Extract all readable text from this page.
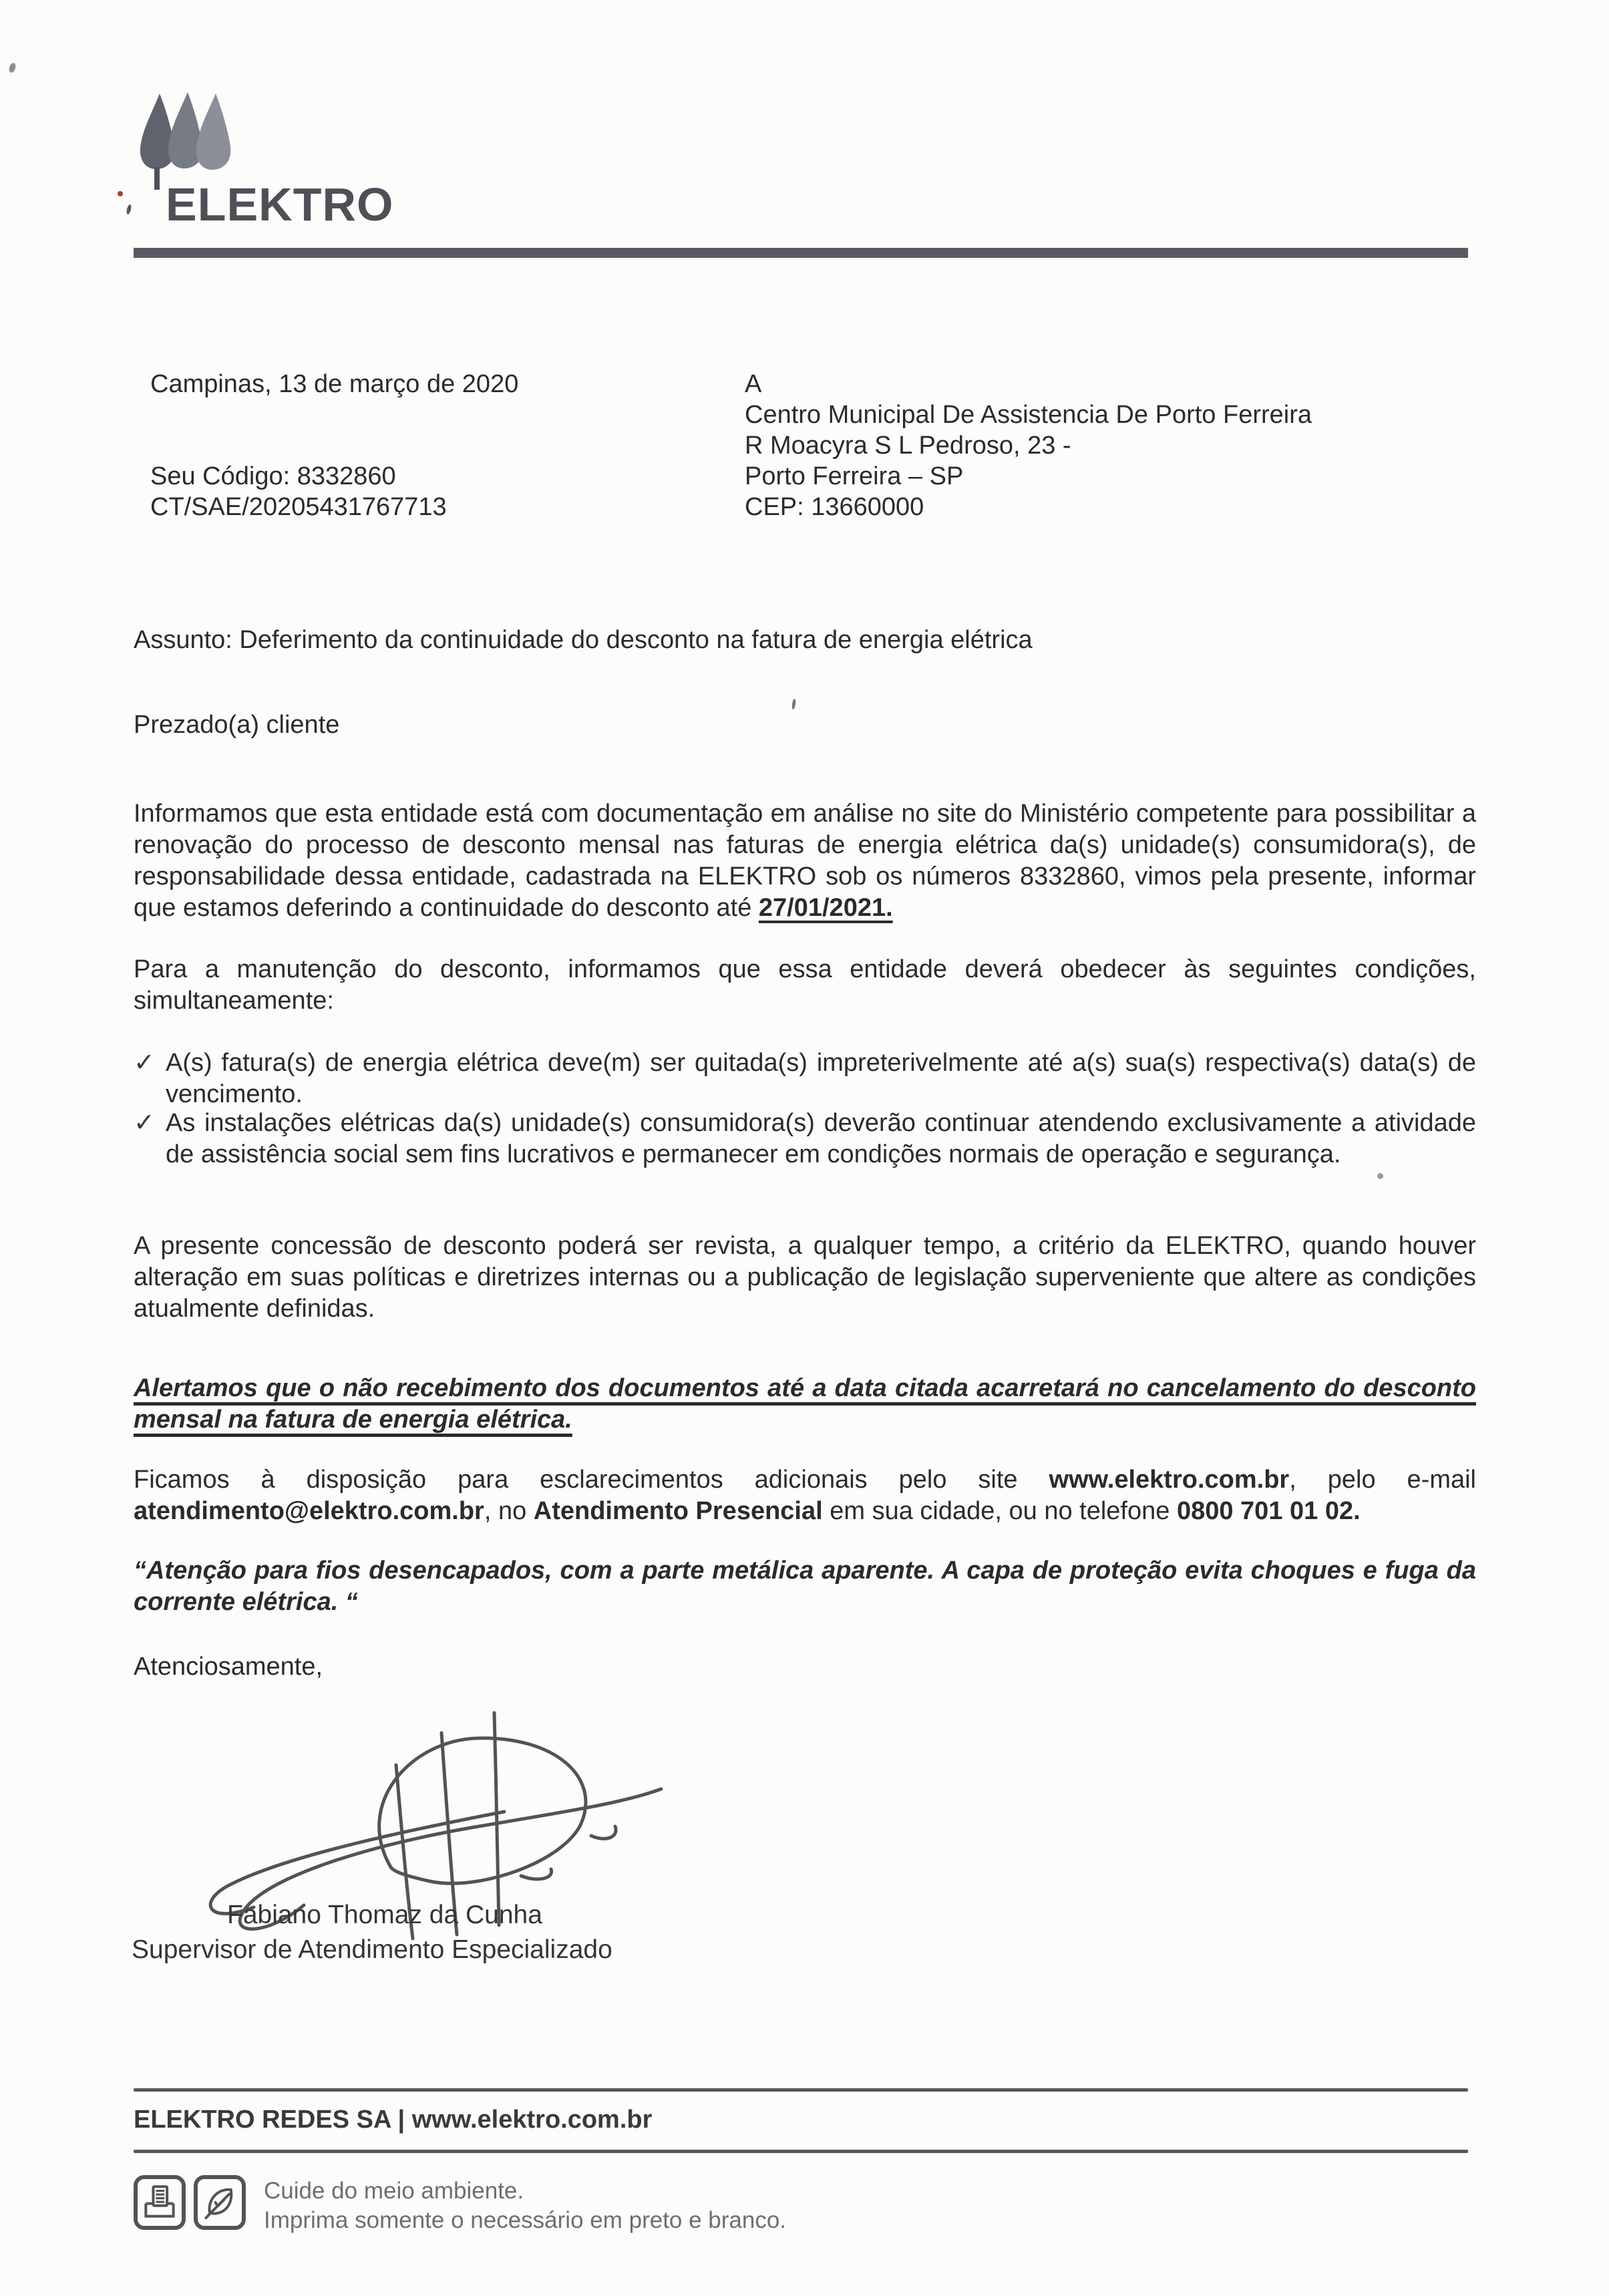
ELEKTRO
Campinas, 13 de março de 2020
Seu Código: 8332860
CT/SAE/20205431767713
A
Centro Municipal De Assistencia De Porto Ferreira
R Moacyra S L Pedroso, 23 -
Porto Ferreira – SP
CEP: 13660000
Assunto: Deferimento da continuidade do desconto na fatura de energia elétrica
Prezado(a) cliente
Informamos que esta entidade está com documentação em análise no site do Ministério competente para possibilitar a renovação do processo de desconto mensal nas faturas de energia elétrica da(s) unidade(s) consumidora(s), de responsabilidade dessa entidade, cadastrada na ELEKTRO sob os números 8332860, vimos pela presente, informar que estamos deferindo a continuidade do desconto até 27/01/2021.
Para a manutenção do desconto, informamos que essa entidade deverá obedecer às seguintes condições, simultaneamente:
✓ A(s) fatura(s) de energia elétrica deve(m) ser quitada(s) impreterivelmente até a(s) sua(s) respectiva(s) data(s) de vencimento.
✓ As instalações elétricas da(s) unidade(s) consumidora(s) deverão continuar atendendo exclusivamente a atividade de assistência social sem fins lucrativos e permanecer em condições normais de operação e segurança.
A presente concessão de desconto poderá ser revista, a qualquer tempo, a critério da ELEKTRO, quando houver alteração em suas políticas e diretrizes internas ou a publicação de legislação superveniente que altere as condições atualmente definidas.
Alertamos que o não recebimento dos documentos até a data citada acarretará no cancelamento do desconto mensal na fatura de energia elétrica.
Ficamos à disposição para esclarecimentos adicionais pelo site www.elektro.com.br, pelo e-mail atendimento@elektro.com.br, no Atendimento Presencial em sua cidade, ou no telefone 0800 701 01 02.
“Atenção para fios desencapados, com a parte metálica aparente. A capa de proteção evita choques e fuga da corrente elétrica. “
Atenciosamente,
Fabiano Thomaz da Cunha
Supervisor de Atendimento Especializado
ELEKTRO REDES SA | www.elektro.com.br
Cuide do meio ambiente.
Imprima somente o necessário em preto e branco.
